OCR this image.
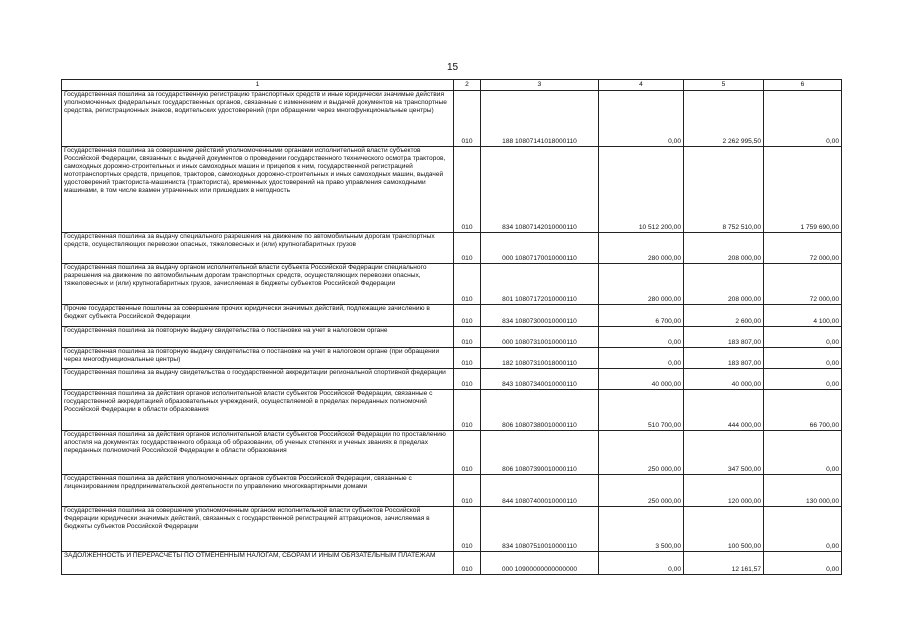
15
1	2	3	4	5	6
Государственная пошлина за государственную регистрацию транспортных средств и иные юридически значимые действия уполномоченных федеральных государственных органов, связанные с изменением и выдачей документов на транспортные средства, регистрационных знаков, водительских удостоверений (при обращении через многофункциональные центры)	010	188 10807141018000110	0,00	2 262 995,50	0,00
Государственная пошлина за совершение действий уполномоченными органами исполнительной власти субъектов Российской Федерации, связанных с выдачей документов о проведении государственного технического осмотра тракторов, самоходных дорожно-строительных и иных самоходных машин и прицепов к ним, государственной регистрацией мототранспортных средств, прицепов, тракторов, самоходных дорожно-строительных и иных самоходных машин, выдачей удостоверений тракториста-машиниста (тракториста), временных удостоверений на право управления самоходными машинами, в том числе взамен утраченных или пришедших в негодность	010	834 10807142010000110	10 512 200,00	8 752 510,00	1 759 690,00
Государственная пошлина за выдачу специального разрешения на движение по автомобильным дорогам транспортных средств, осуществляющих перевозки опасных, тяжеловесных и (или) крупногабаритных грузов	010	000 10807170010000110	280 000,00	208 000,00	72 000,00
Государственная пошлина за выдачу органом исполнительной власти субъекта Российской Федерации специального разрешения на движение по автомобильным дорогам транспортных средств, осуществляющих перевозки опасных, тяжеловесных и (или) крупногабаритных грузов, зачисляемая в бюджеты субъектов Российской Федерации	010	801 10807172010000110	280 000,00	208 000,00	72 000,00
Прочие государственные пошлины за совершение прочих юридически значимых действий, подлежащие зачислению в бюджет субъекта Российской Федерации	010	834 10807300010000110	6 700,00	2 600,00	4 100,00
Государственная пошлина за повторную выдачу свидетельства о постановке на учет в налоговом органе	010	000 10807310010000110	0,00	183 807,00	0,00
Государственная пошлина за повторную выдачу свидетельства о постановке на учет в налоговом органе (при обращении через многофункциональные центры)	010	182 10807310018000110	0,00	183 807,00	0,00
Государственная пошлина за выдачу свидетельства о государственной аккредитации региональной спортивной федерации	010	843 10807340010000110	40 000,00	40 000,00	0,00
Государственная пошлина за действия органов исполнительной власти субъектов Российской Федерации, связанные с государственной аккредитацией образовательных учреждений, осуществляемой в пределах переданных полномочий Российской Федерации в области образования	010	806 10807380010000110	510 700,00	444 000,00	66 700,00
Государственная пошлина за действия органов исполнительной власти субъектов Российской Федерации по проставлению апостиля на документах государственного образца об образовании, об ученых степенях и ученых званиях в пределах переданных полномочий Российской Федерации в области образования	010	806 10807390010000110	250 000,00	347 500,00	0,00
Государственная пошлина за действия уполномоченных органов субъектов Российской Федерации, связанные с лицензированием предпринимательской деятельности по управлению многоквартирными домами	010	844 10807400010000110	250 000,00	120 000,00	130 000,00
Государственная пошлина за совершение уполномоченным органом исполнительной власти субъектов Российской Федерации юридически значимых действий, связанных с государственной регистрацией аттракционов, зачисляемая в бюджеты субъектов Российской Федерации	010	834 10807510010000110	3 500,00	100 500,00	0,00
ЗАДОЛЖЕННОСТЬ И ПЕРЕРАСЧЕТЫ ПО ОТМЕНЕННЫМ НАЛОГАМ, СБОРАМ И ИНЫМ ОБЯЗАТЕЛЬНЫМ ПЛАТЕЖАМ	010	000 10900000000000000	0,00	12 161,57	0,00
